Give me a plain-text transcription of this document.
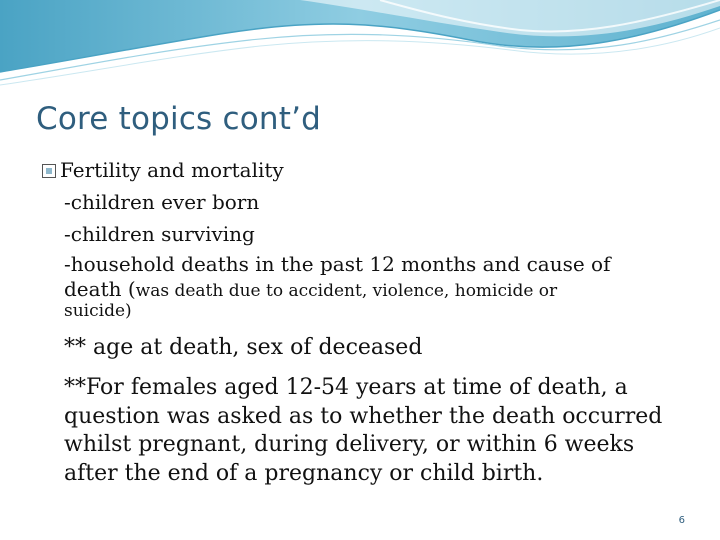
Core topics cont’d
Fertility and mortality
-children ever born
-children surviving
-household deaths in the past 12 months and cause of
death (was death due to accident, violence, homicide or
suicide)
** age at death, sex of deceased
**For females aged 12-54 years at time of death, a
question was asked as to whether the death occurred
whilst pregnant, during delivery, or within 6 weeks
after the end of a pregnancy or child birth.
6
